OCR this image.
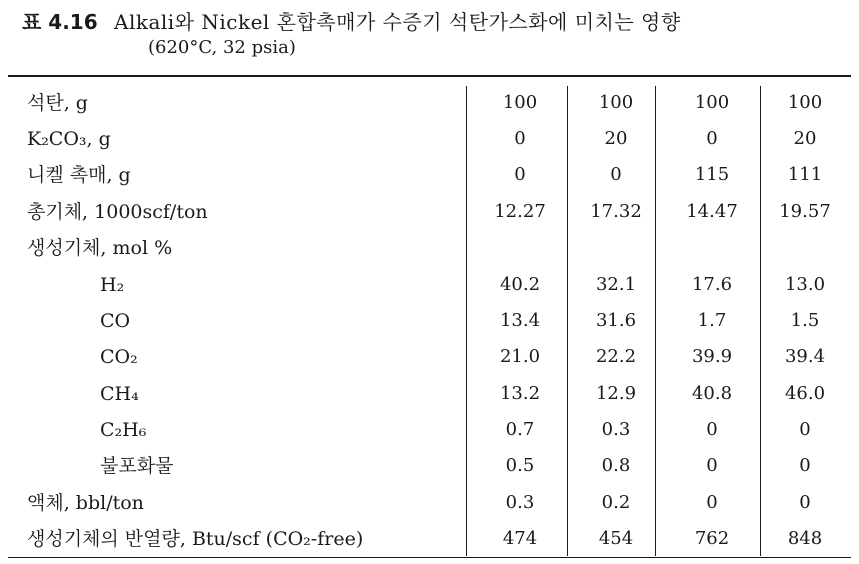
표 4.16 Alkali와 Nickel 혼합촉매가 수증기 석탄가스화에 미치는 영향
(620°C, 32 psia)
석탄, g	100	100	100	100
K₂CO₃, g	0	20	0	20
니켈 촉매, g	0	0	115	111
총기체, 1000scf/ton	12.27	17.32	14.47	19.57
생성기체, mol %
H₂	40.2	32.1	17.6	13.0
CO	13.4	31.6	1.7	1.5
CO₂	21.0	22.2	39.9	39.4
CH₄	13.2	12.9	40.8	46.0
C₂H₆	0.7	0.3	0	0
불포화물	0.5	0.8	0	0
액체, bbl/ton	0.3	0.2	0	0
생성기체의 반열량, Btu/scf (CO₂-free)	474	454	762	848
